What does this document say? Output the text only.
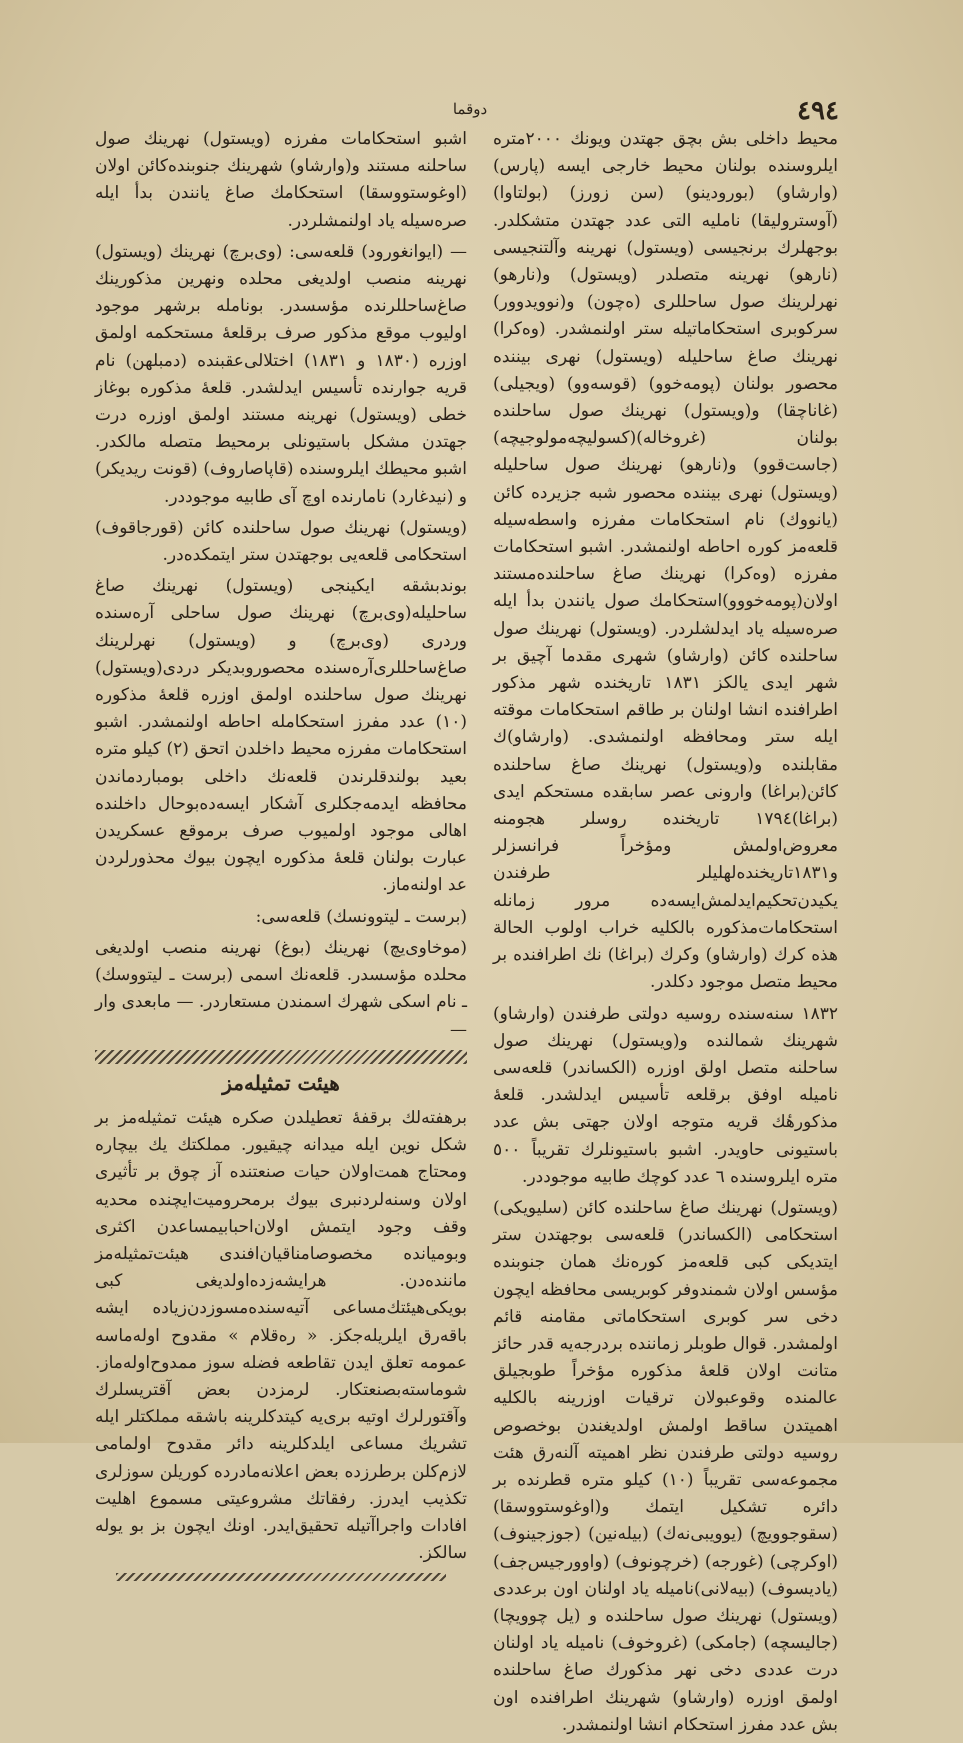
٤٩٤
دوقما

محیط داخلی بش بچق جهتدن ویونك ٢٠٠٠متره ایلروسنده بولنان محیط خارجی ایسه (پارس) (وارشاو) (بورودینو) (سن زورز) (بولتاوا) (آوستروليقا) ناملیه التی عدد جهتدن متشکلدر. بوجهلرك برنجیسی (ویستول) نهرینه وآلتنجیسی (نارهو) نهرینه متصلدر (ویستول) و(نارهو) نهرلرینك صول ساحللری (ه‌چون) و(نوویدوور) سرکوبری استحکاماتیله ستر اولنمشدر. (وه‌کرا) نهرینك صاغ ساحلیله (ویستول) نهری بیننده محصور بولنان (پومه‌خوو) (قوسه‌وو) (ویجیلی) (غاناچقا) و(ویستول) نهرینك صول ساحلنده بولنان (غروخاله)(کسولیچه‌مولوجیچه) (جاست‌قوو) و(نارهو) نهرینك صول ساحلیله (ویستول) نهری بیننده محصور شبه جزیرده کائن (یانووك) نام استحکامات مفرزه واسطه‌سیله قلعه‌مز کوره احاطه اولنمشدر. اشبو استحکامات مفرزه (وه‌کرا) نهرینك صاغ ساحلنده‌مستند اولان(پومه‌خووو)استحکامك صول یانندن بدأ ایله صره‌سیله یاد ایدلشلردر. (ویستول) نهرینك صول ساحلنده کائن (وارشاو) شهری مقدما آچیق بر شهر ایدی یالکز ١٨٣١ تاریخنده شهر مذکور اطرافنده انشا اولنان بر طاقم استحکامات موقته ایله ستر ومحافظه اولنمشدی. (وارشاو)ك مقابلنده و(ویستول) نهرینك صاغ ساحلنده کائن(براغا) وارونی عصر سابقده مستحکم ایدی (براغا)١٧٩٤ تاریخنده روسلر هجومنه معروض‌اولمش ومؤخراً فرانسزلر و١٨٣١تاریخنده‌لهلیلر طرفندن یکیدن‌تحکیم‌ایدلمش‌ایسه‌ده مرور زمانله استحکامات‌مذکوره بالکلیه خراب اولوب الحالة هذه کرك (وارشاو) وکرك (براغا) نك اطرافنده بر محیط متصل موجود دکلدر.

١٨٣٢ سنه‌سنده روسیه دولتی طرفندن (وارشاو) شهرینك شمالنده و(ویستول) نهرینك صول ساحلنه متصل اولق اوزره (الکساندر) قلعه‌سی نامیله اوفق برقلعه تأسیس ایدلشدر. قلعهٔ مذکورهٔك قریه متوجه اولان جهتی بش عدد باستیونی حاویدر. اشبو باستیونلرك تقریباً ٥٠٠ متره ایلروسنده ٦ عدد کوچك طابیه موجوددر.

(ویستول) نهرینك صاغ ساحلنده کائن (سلیویکی) استحکامی (الکساندر) قلعه‌سی بوجهتدن ستر ایتدیکی کبی قلعه‌مز کوره‌نك همان جنوبنده مؤسس اولان شمندوفر کوبریسی محافظه ایچون دخی سر کوبری استحکاماتی مقامنه قائم اولمشدر. قوال طوبلر زماننده بردرجه‌یه قدر حائز متانت اولان قلعهٔ مذکوره مؤخراً طوبجیلق عالمنده وقوعبولان ترقیات اوزرینه بالکلیه اهمیتدن ساقط اولمش اولدیغندن بوخصوص روسیه دولتی طرفندن نظر اهمیته آلنه‌رق هئت مجموعه‌سی تقریباً (١٠) کیلو متره قطرنده بر دائره تشکیل ایتمك و(اوغوستووسقا) (سقوجوویچ) (یوویبی‌نه‌ك) (بیله‌نین) (جوزجینوف) (اوکرچی) (غورجه) (خرچونوف) (واوورجیس‌جف) (یادیسوف) (بیه‌لانی)نامیله یاد اولنان اون برعددی (ویستول) نهرینك صول ساحلنده و (یل چوویچا) (جالیسچه) (جامکی) (غروخوف) نامیله یاد اولنان درت عددی دخی نهر مذکورك صاغ ساحلنده اولمق اوزره (وارشاو) شهرینك اطرافنده اون بش عدد مفرز استحکام انشا اولنمشدر.

اشبو استحکامات مفرزه (ویستول) نهرینك صول ساحلنه مستند و(وارشاو) شهرینك جنوبنده‌کائن اولان (اوغوستووسقا) استحکامك صاغ یانندن بدأ ایله صره‌سیله یاد اولنمشلردر.

— (ایوانغورود) قلعه‌سی: (وی‌برچ) نهرینك (ویستول) نهرینه منصب اولدیغی محلده ونهرین مذکورینك صاغ‌ساحللرنده مؤسسدر. بونامله برشهر موجود اولیوب موقع مذکور صرف برقلعهٔ مستحکمه اولمق اوزره (١٨٣٠ و ١٨٣١) اختلالی‌عقبنده (دمبلهن) نام قریه جوارنده تأسیس ایدلشدر. قلعهٔ مذکوره بوغاز خطی (ویستول) نهرینه مستند اولمق اوزره درت جهتدن مشکل باستیونلی برمحیط متصله مالکدر. اشبو محیطك ایلروسنده (قاپاصاروف) (قونت ریدیکر) و (نیدغارد) نامارنده اوچ آی طابیه موجوددر.

(ویستول) نهرینك صول ساحلنده کائن (قورجاقوف) استحکامی قلعه‌یی بوجهتدن ستر ایتمکده‌در.

بوندبشقه ایکینجی (ویستول) نهرینك صاغ ساحلیله(وی‌برچ) نهرینك صول ساحلی آره‌سنده وردری (وی‌برچ) و (ویستول) نهرلرینك صاغ‌ساحللری‌آره‌سنده محصوروبدیکر دردی(ویستول) نهرینك صول ساحلنده اولمق اوزره قلعهٔ مذکوره (١٠) عدد مفرز استحکامله احاطه اولنمشدر. اشبو استحکامات مفرزه محیط داخلدن اتحق (٢) کیلو متره بعید بولندقلرندن قلعه‌نك داخلی بومباردماندن محافظه ایدمه‌جکلری آشکار ایسه‌ده‌بوحال داخلنده اهالی موجود اولمیوب صرف برموقع عسکریدن عبارت بولنان قلعهٔ مذکوره ایچون بیوك محذورلردن عد اولنه‌ماز.

(برست ـ لیتوونسك) قلعه‌سی:

(موخاوی‌یچ) نهرینك (بوغ) نهرینه منصب اولدیغی محلده مؤسسدر. قلعه‌نك اسمی (برست ـ لیتووسك) ـ نام اسکی شهرك اسمندن مستعاردر. — مابعدی وار —

هیئت تمثیله‌مز

برهفته‌لك برقفهٔ تعطیلدن صکره هیئت تمثیله‌مز بر شکل نوین ایله میدانه چیقیور. مملکتك یك بیچاره ومحتاج همت‌اولان حیات صنعتنده آز چوق بر تأثیری اولان وسنه‌لردنبری بیوك برمحرومیت‌ایچنده محدیه وقف وجود ایتمش اولان‌احبابیمساعدن اکثری وبومیانده مخصوصا‌مناقیان‌افندی هیئت‌تمثیله‌مز ماننده‌دن. هرایشه‌زده‌اولدیغی کبی بویکی‌هیئتك‌مساعی آتیه‌سنده‌مسوزدن‌زیاده ایشه باقه‌رق ایلریله‌جکز. « ره‌قلام » مقدوح اوله‌ماسه عمومه تعلق ایدن تقاطعه فضله سوز ممدوح‌اوله‌ماز. شوماسته‌بصنعتکار. لرمزدن بعض آقتریسلرك وآقتورلرك اوتیه بری‌یه کیتدکلرینه باشقه مملکتلر ایله تشریك مساعی ایلدکلرینه دائر مقدوح اولمامی لازم‌کلن برطرزده بعض اعلانه‌مادرده کوریلن سوزلری تکذیب ایدرز. رفقاتك مشروعیتی مسموع اهلیت افادات واجراآتیله تحقیق‌ایدر. اونك ایچون بز بو یوله سالکز.
